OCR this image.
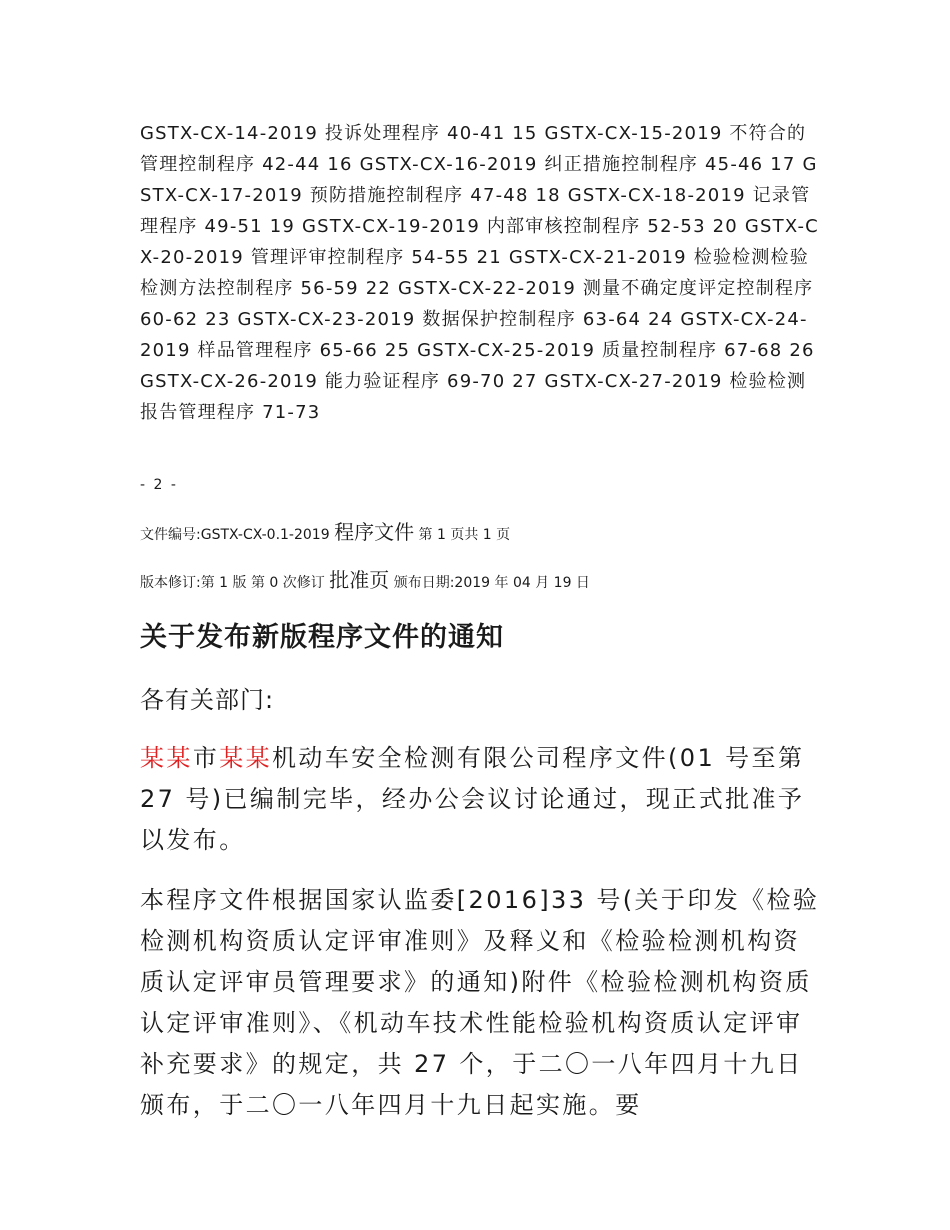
GSTX-CX-14-2019 投诉处理程序 40-41 15 GSTX-CX-15-2019 不符合的管理控制程序 42-44 16 GSTX-CX-16-2019 纠正措施控制程序 45-46 17 GSTX-CX-17-2019 预防措施控制程序 47-48 18 GSTX-CX-18-2019 记录管理程序 49-51 19 GSTX-CX-19-2019 内部审核控制程序 52-53 20 GSTX-CX-20-2019 管理评审控制程序 54-55 21 GSTX-CX-21-2019 检验检测检验检测方法控制程序 56-59 22 GSTX-CX-22-2019 测量不确定度评定控制程序 60-62 23 GSTX-CX-23-2019 数据保护控制程序 63-64 24 GSTX-CX-24-2019 样品管理程序 65-66 25 GSTX-CX-25-2019 质量控制程序 67-68 26 GSTX-CX-26-2019 能力验证程序 69-70 27 GSTX-CX-27-2019 检验检测报告管理程序 71-73
- 2 -
文件编号:GSTX-CX-0.1-2019 程序文件 第 1 页共 1 页
版本修订:第 1 版 第 0 次修订 批准页 颁布日期:2019 年 04 月 19 日
关于发布新版程序文件的通知
各有关部门:
某某市某某机动车安全检测有限公司程序文件(01 号至第 27 号)已编制完毕，经办公会议讨论通过，现正式批准予以发布。
本程序文件根据国家认监委[2016]33 号(关于印发《检验检测机构资质认定评审准则》及释义和《检验检测机构资质认定评审员管理要求》的通知)附件《检验检测机构资质认定评审准则》、《机动车技术性能检验机构资质认定评审补充要求》的规定，共 27 个，于二〇一八年四月十九日颁布，于二〇一八年四月十九日起实施。要
